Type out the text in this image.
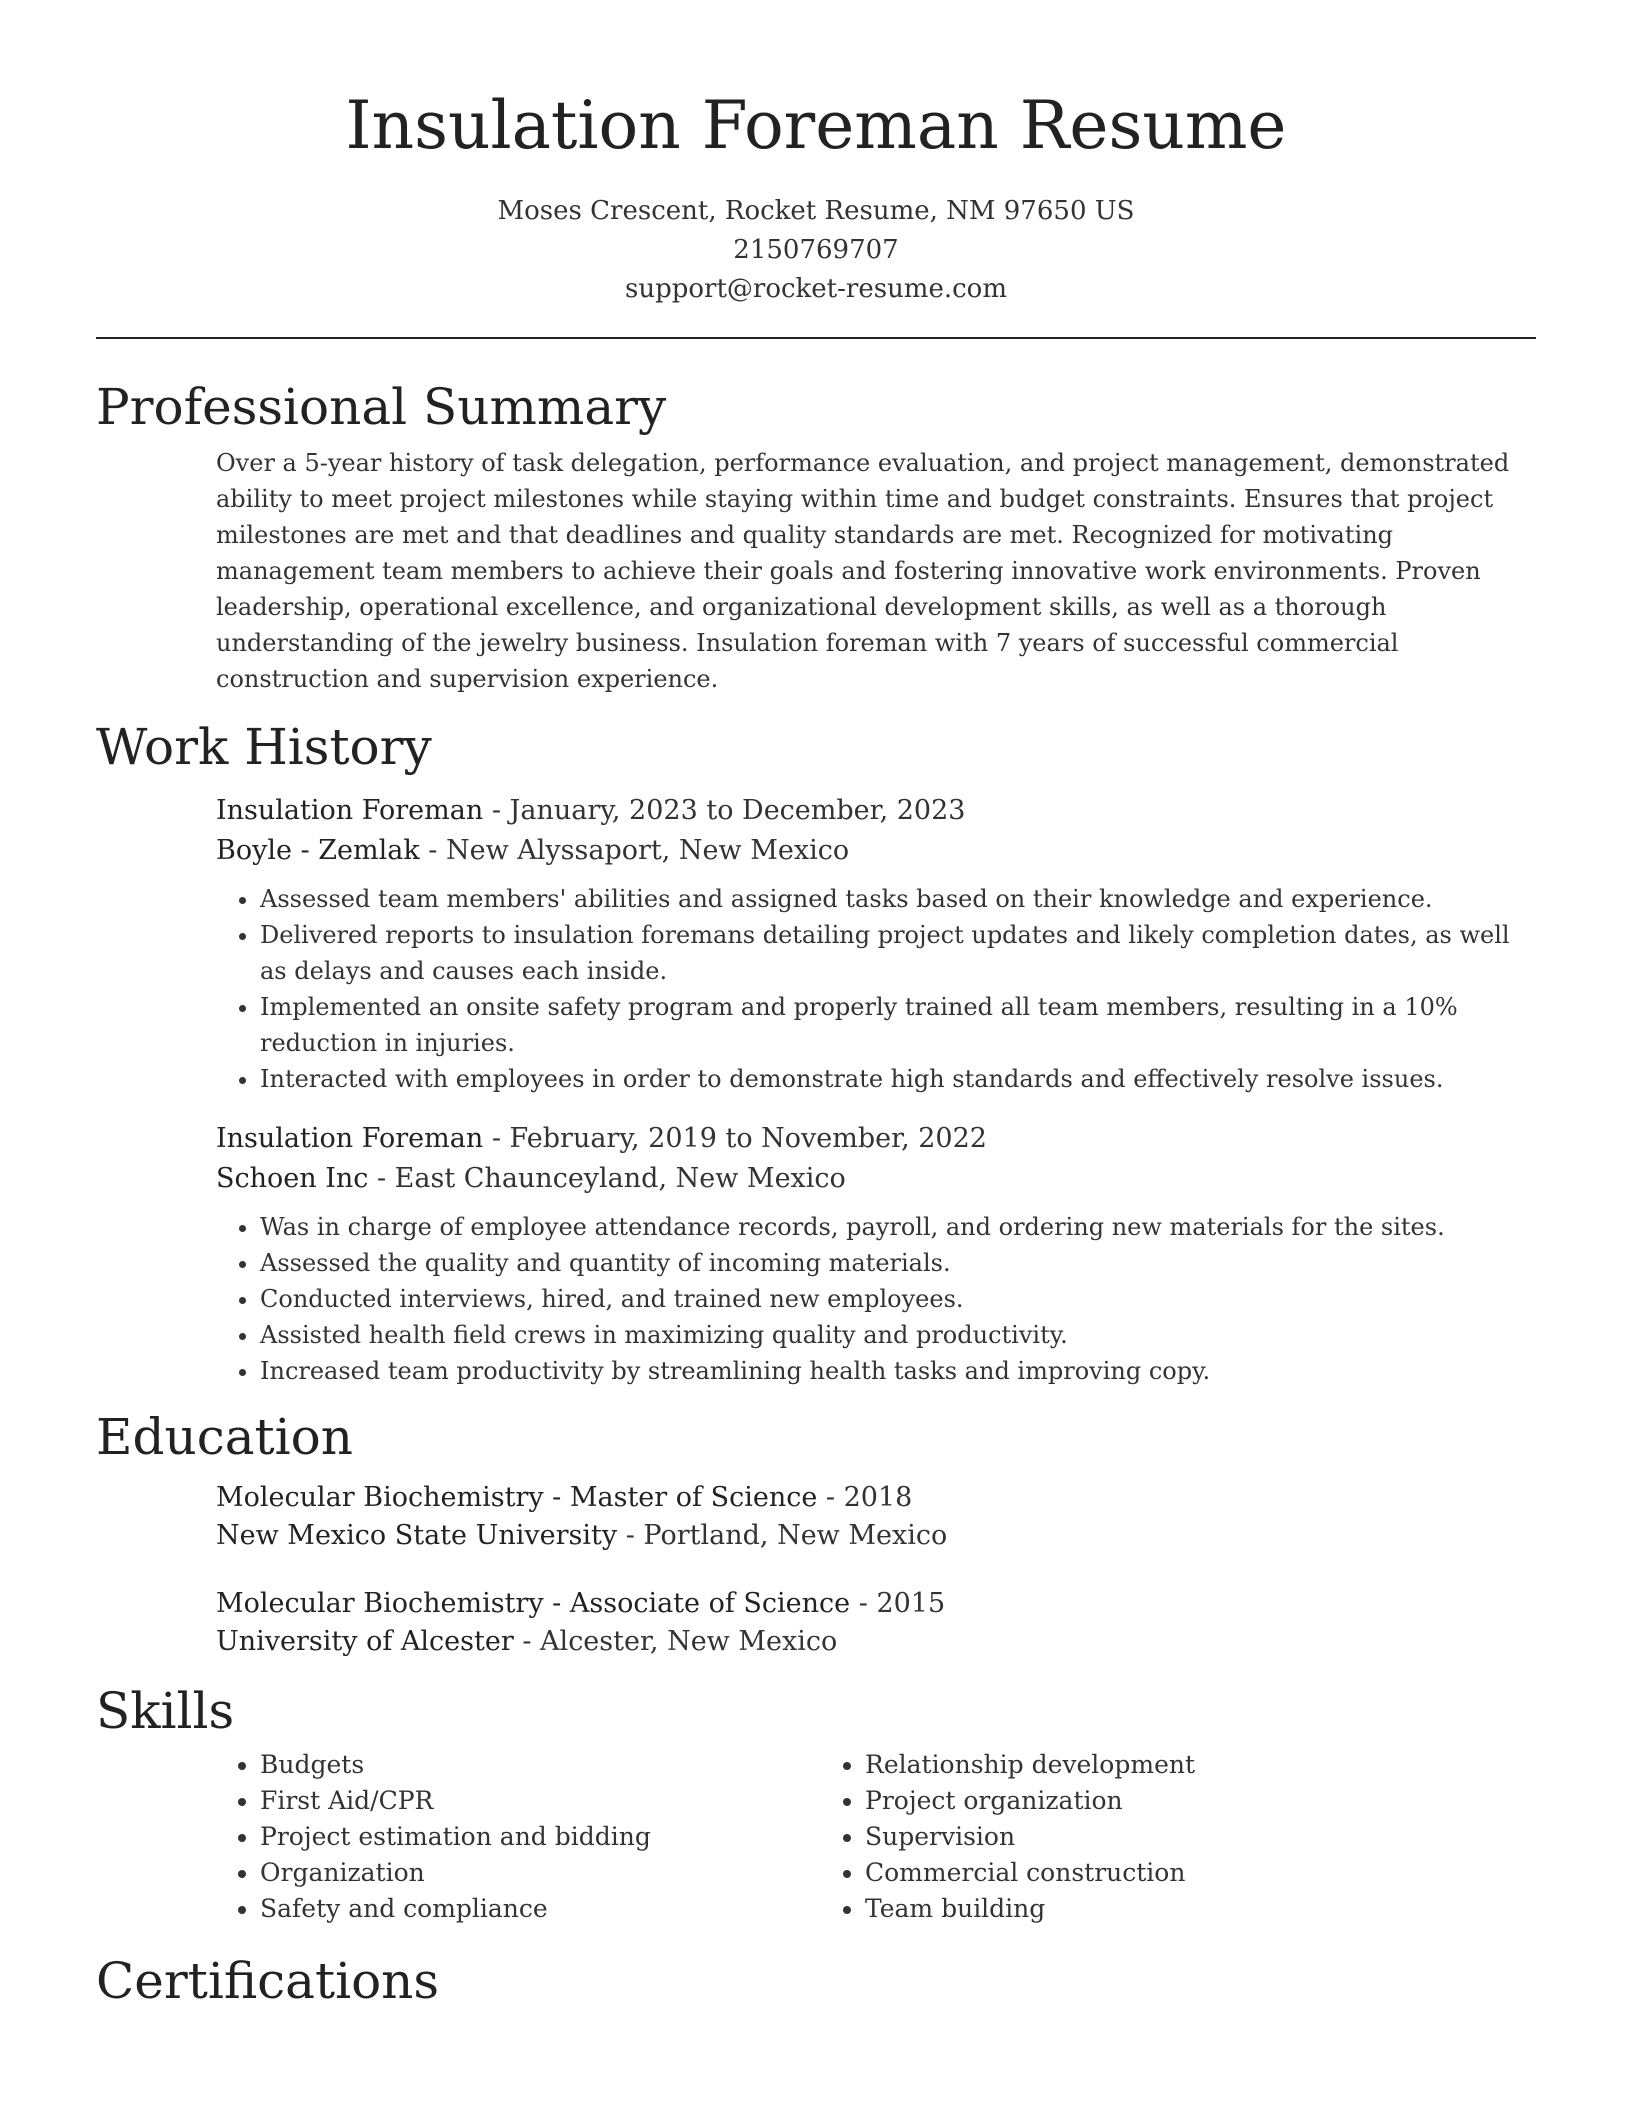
Insulation Foreman Resume
Moses Crescent, Rocket Resume, NM 97650 US
2150769707
support@rocket-resume.com
Professional Summary

Over a 5-year history of task delegation, performance evaluation, and project management, demonstrated ability to meet project milestones while staying within time and budget constraints. Ensures that project milestones are met and that deadlines and quality standards are met. Recognized for motivating management team members to achieve their goals and fostering innovative work environments. Proven leadership, operational excellence, and organizational development skills, as well as a thorough understanding of the jewelry business. Insulation foreman with 7 years of successful commercial construction and supervision experience.

Work History
Insulation Foreman - January, 2023 to December, 2023
Boyle - Zemlak - New Alyssaport, New Mexico
• Assessed team members' abilities and assigned tasks based on their knowledge and experience.
• Delivered reports to insulation foremans detailing project updates and likely completion dates, as well as delays and causes each inside.
• Implemented an onsite safety program and properly trained all team members, resulting in a 10% reduction in injuries.
• Interacted with employees in order to demonstrate high standards and effectively resolve issues.
Insulation Foreman - February, 2019 to November, 2022
Schoen Inc - East Chaunceyland, New Mexico
• Was in charge of employee attendance records, payroll, and ordering new materials for the sites.
• Assessed the quality and quantity of incoming materials.
• Conducted interviews, hired, and trained new employees.
• Assisted health field crews in maximizing quality and productivity.
• Increased team productivity by streamlining health tasks and improving copy.
Education
Molecular Biochemistry - Master of Science - 2018
New Mexico State University - Portland, New Mexico
Molecular Biochemistry - Associate of Science - 2015
University of Alcester - Alcester, New Mexico
Skills
• Budgets
• First Aid/CPR
• Project estimation and bidding
• Organization
• Safety and compliance
• Relationship development
• Project organization
• Supervision
• Commercial construction
• Team building
Certifications
